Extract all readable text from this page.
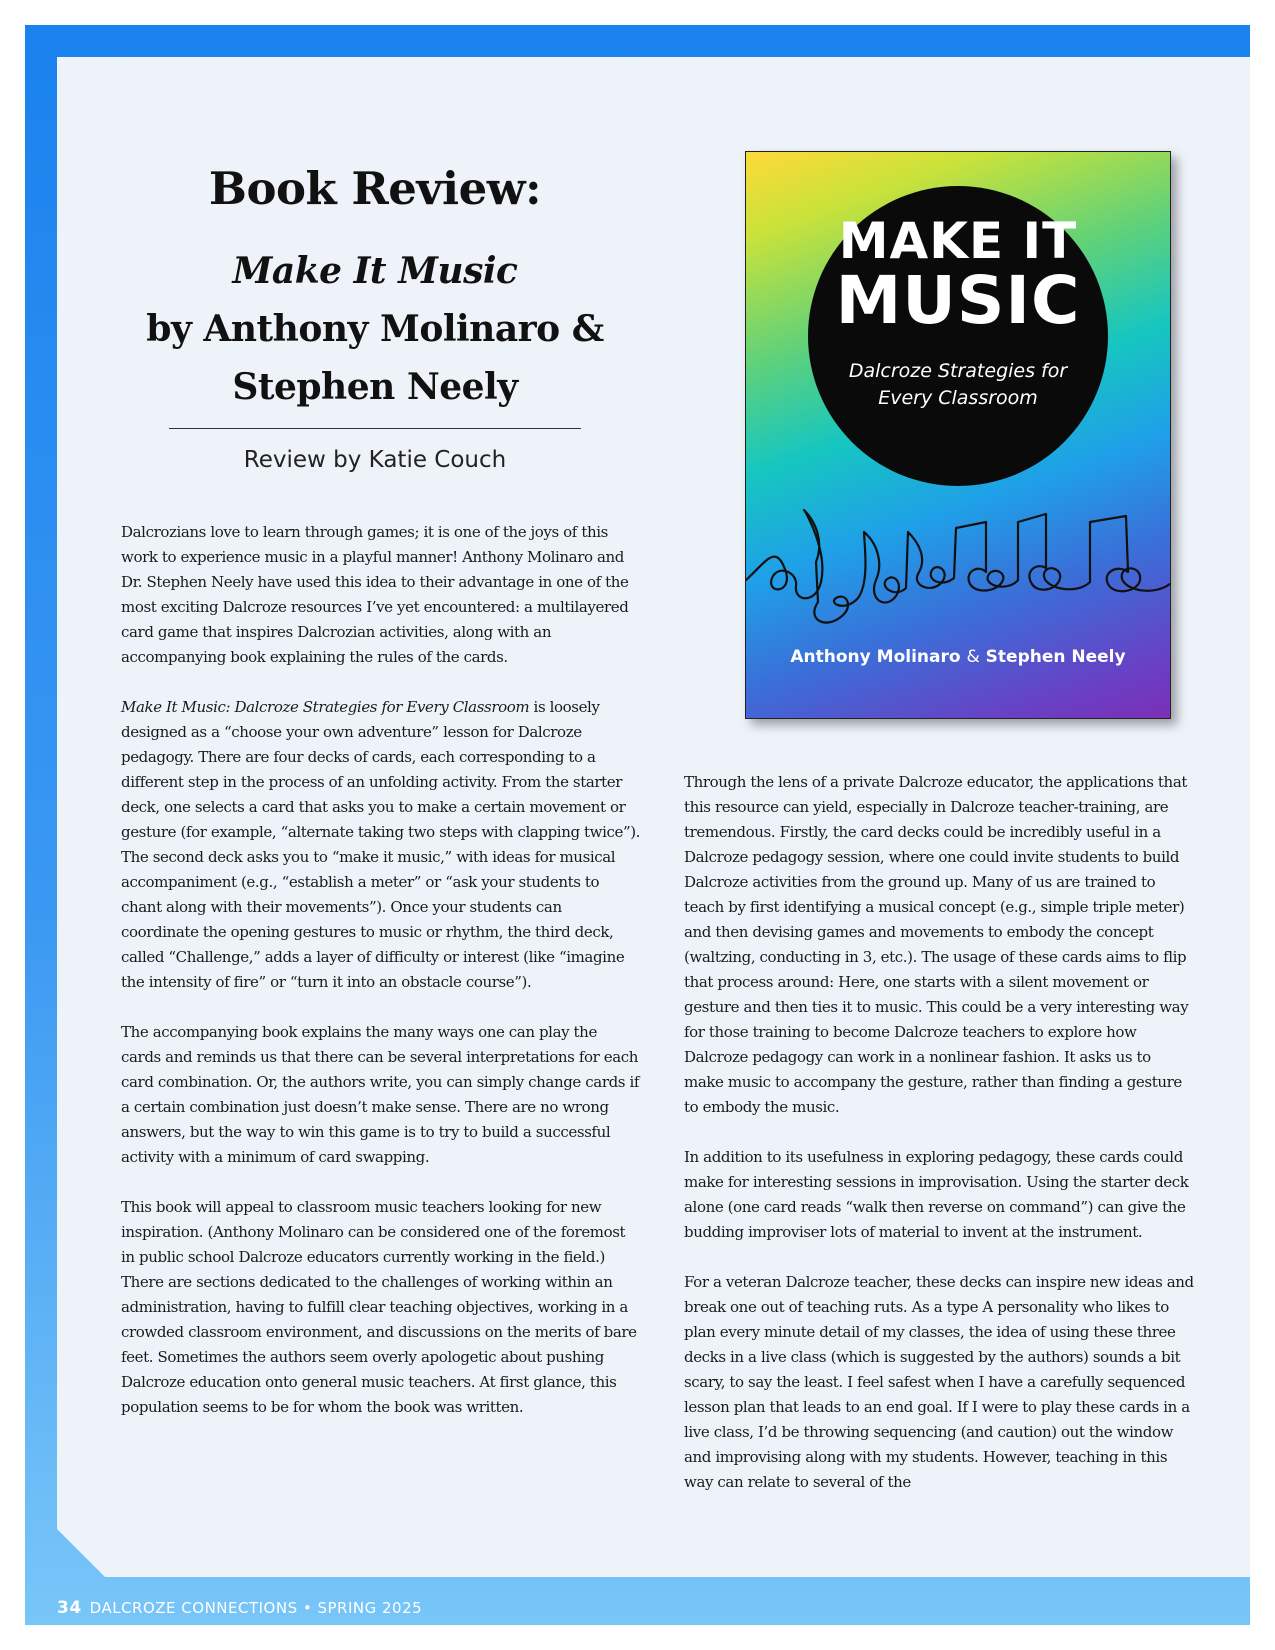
Book Review:
Make It Music
by Anthony Molinaro &
Stephen Neely
Review by Katie Couch
MAKE IT
MUSIC
Dalcroze Strategies for
Every Classroom
Anthony Molinaro & Stephen Neely

Dalcrozians love to learn through games; it is one of the joys of this work to experience music in a playful manner! Anthony Molinaro and Dr. Stephen Neely have used this idea to their advantage in one of the most exciting Dalcroze resources I’ve yet encountered: a multilayered card game that inspires Dalcrozian activities, along with an accompanying book explaining the rules of the cards.

Make It Music: Dalcroze Strategies for Every Classroom is loosely designed as a “choose your own adventure” lesson for Dalcroze pedagogy. There are four decks of cards, each corresponding to a different step in the process of an unfolding activity. From the starter deck, one selects a card that asks you to make a certain movement or gesture (for example, “alternate taking two steps with clapping twice”). The second deck asks you to “make it music,” with ideas for musical accompaniment (e.g., “establish a meter” or “ask your students to chant along with their movements”). Once your students can coordinate the opening gestures to music or rhythm, the third deck, called “Challenge,” adds a layer of difficulty or interest (like “imagine the intensity of fire” or “turn it into an obstacle course”).

The accompanying book explains the many ways one can play the cards and reminds us that there can be several interpretations for each card combination. Or, the authors write, you can simply change cards if a certain combination just doesn’t make sense. There are no wrong answers, but the way to win this game is to try to build a successful activity with a minimum of card swapping.

This book will appeal to classroom music teachers looking for new inspiration. (Anthony Molinaro can be considered one of the foremost in public school Dalcroze educators currently working in the field.) There are sections dedicated to the challenges of working within an administration, having to fulfill clear teaching objectives, working in a crowded classroom environment, and discussions on the merits of bare feet. Sometimes the authors seem overly apologetic about pushing Dalcroze education onto general music teachers. At first glance, this population seems to be for whom the book was written.

Through the lens of a private Dalcroze educator, the applications that this resource can yield, especially in Dalcroze teacher-training, are tremendous. Firstly, the card decks could be incredibly useful in a Dalcroze pedagogy session, where one could invite students to build Dalcroze activities from the ground up. Many of us are trained to teach by first identifying a musical concept (e.g., simple triple meter) and then devising games and movements to embody the concept (waltzing, conducting in 3, etc.). The usage of these cards aims to flip that process around: Here, one starts with a silent movement or gesture and then ties it to music. This could be a very interesting way for those training to become Dalcroze teachers to explore how Dalcroze pedagogy can work in a nonlinear fashion. It asks us to make music to accompany the gesture, rather than finding a gesture to embody the music.

In addition to its usefulness in exploring pedagogy, these cards could make for interesting sessions in improvisation. Using the starter deck alone (one card reads “walk then reverse on command”) can give the budding improviser lots of material to invent at the instrument.

For a veteran Dalcroze teacher, these decks can inspire new ideas and break one out of teaching ruts. As a type A personality who likes to plan every minute detail of my classes, the idea of using these three decks in a live class (which is suggested by the authors) sounds a bit scary, to say the least. I feel safest when I have a carefully sequenced lesson plan that leads to an end goal. If I were to play these cards in a live class, I’d be throwing sequencing (and caution) out the window and improvising along with my students. However, teaching in this way can relate to several of the

34 DALCROZE CONNECTIONS • SPRING 2025
